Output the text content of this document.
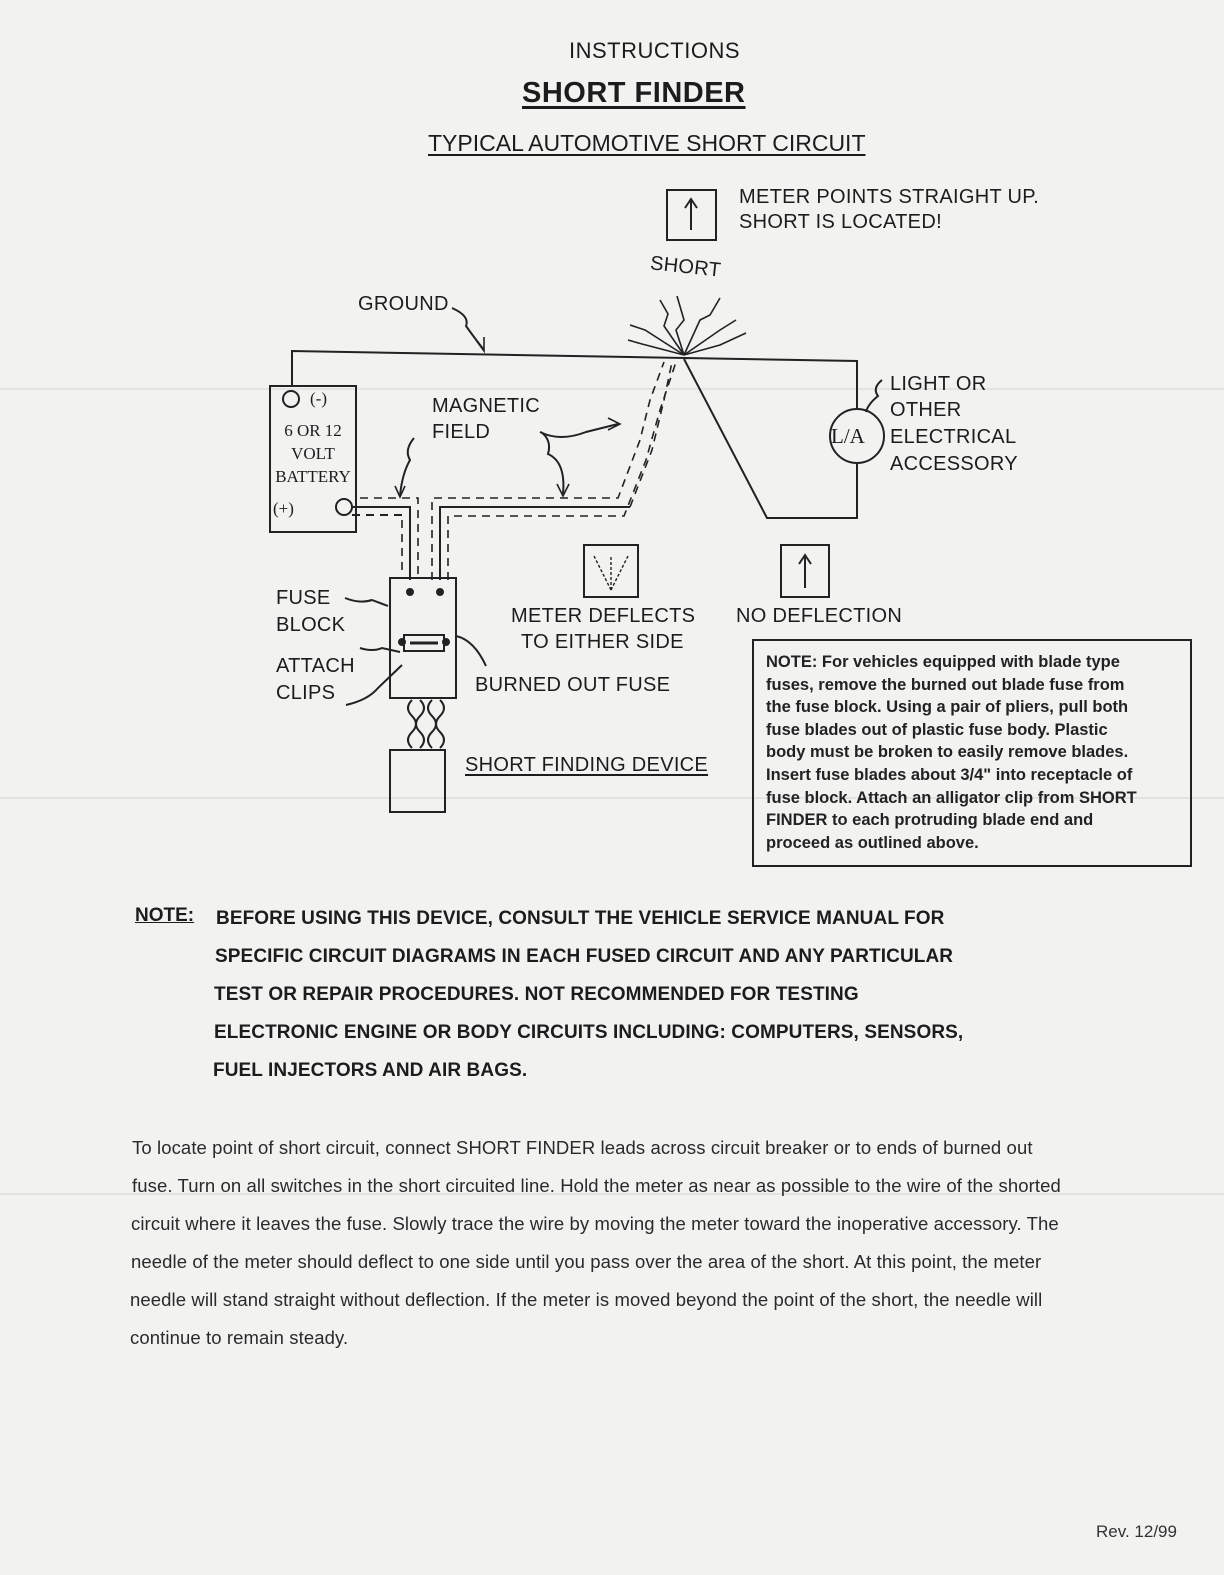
INSTRUCTIONS
SHORT FINDER
TYPICAL AUTOMOTIVE SHORT CIRCUIT
METER POINTS STRAIGHT UP.
SHORT IS LOCATED!
SHORT
GROUND
(-)
6 OR 12
VOLT
BATTERY
(+)
MAGNETIC
FIELD	L/A
LIGHT OR
OTHER
ELECTRICAL
ACCESSORY
FUSE
BLOCK
ATTACH
CLIPS
METER DEFLECTS
TO EITHER SIDE
NO DEFLECTION
BURNED OUT FUSE
SHORT FINDING DEVICE

NOTE: For vehicles equipped with blade type

fuses, remove the burned out blade fuse from

the fuse block. Using a pair of pliers, pull both

fuse blades out of plastic fuse body. Plastic

body must be broken to easily remove blades.

Insert fuse blades about 3/4" into receptacle of

fuse block. Attach an alligator clip from SHORT

FINDER to each protruding blade end and

proceed as outlined above.

NOTE: BEFORE USING THIS DEVICE, CONSULT THE VEHICLE SERVICE MANUAL FOR
SPECIFIC CIRCUIT DIAGRAMS IN EACH FUSED CIRCUIT AND ANY PARTICULAR
TEST OR REPAIR PROCEDURES. NOT RECOMMENDED FOR TESTING
ELECTRONIC ENGINE OR BODY CIRCUITS INCLUDING: COMPUTERS, SENSORS,
FUEL INJECTORS AND AIR BAGS.
To locate point of short circuit, connect SHORT FINDER leads across circuit breaker or to ends of burned out
fuse. Turn on all switches in the short circuited line. Hold the meter as near as possible to the wire of the shorted
circuit where it leaves the fuse. Slowly trace the wire by moving the meter toward the inoperative accessory. The
needle of the meter should deflect to one side until you pass over the area of the short. At this point, the meter
needle will stand straight without deflection. If the meter is moved beyond the point of the short, the needle will
continue to remain steady.
Rev. 12/99
